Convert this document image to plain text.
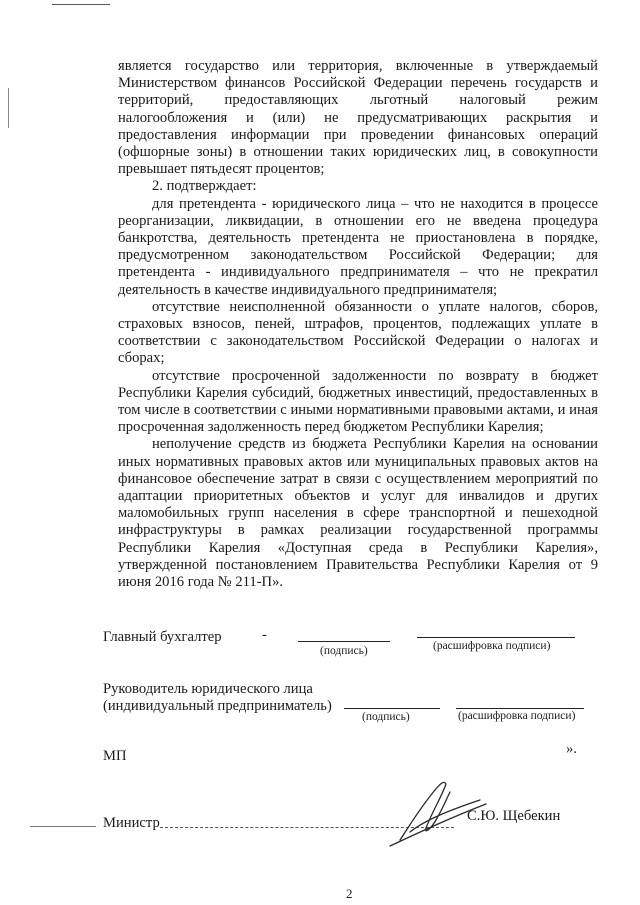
является государство или территория, включенные в утверждаемый Министерством финансов Российской Федерации перечень государств и территорий, предоставляющих льготный налоговый режим налогообложения и (или) не предусматривающих раскрытия и предоставления информации при проведении финансовых операций (офшорные зоны) в отношении таких юридических лиц, в совокупности превышает пятьдесят процентов;

2. подтверждает:

для претендента - юридического лица – что не находится в процессе реорганизации, ликвидации, в отношении его не введена процедура банкротства, деятельность претендента не приостановлена в порядке, предусмотренном законодательством Российской Федерации; для претендента - индивидуального предпринимателя – что не прекратил деятельность в качестве индивидуального предпринимателя;

отсутствие неисполненной обязанности о уплате налогов, сборов, страховых взносов, пеней, штрафов, процентов, подлежащих уплате в соответствии с законодательством Российской Федерации о налогах и сборах;

отсутствие просроченной задолженности по возврату в бюджет Республики Карелия субсидий, бюджетных инвестиций, предоставленных в том числе в соответствии с иными нормативными правовыми актами, и иная просроченная задолженность перед бюджетом Республики Карелия;

неполучение средств из бюджета Республики Карелия на основании иных нормативных правовых актов или муниципальных правовых актов на финансовое обеспечение затрат в связи с осуществлением мероприятий по адаптации приоритетных объектов и услуг для инвалидов и других маломобильных групп населения в сфере транспортной и пешеходной инфраструктуры в рамках реализации государственной программы Республики Карелия «Доступная среда в Республики Карелия», утвержденной постановлением Правительства Республики Карелия от 9 июня 2016 года № 211-П».

Главный бухгалтер	-
(подпись)	(расшифровка подписи)
Руководитель юридического лица
(индивидуальный предприниматель)
(подпись)	(расшифровка подписи)
МП	».
Министр	С.Ю. Щебекин
2
